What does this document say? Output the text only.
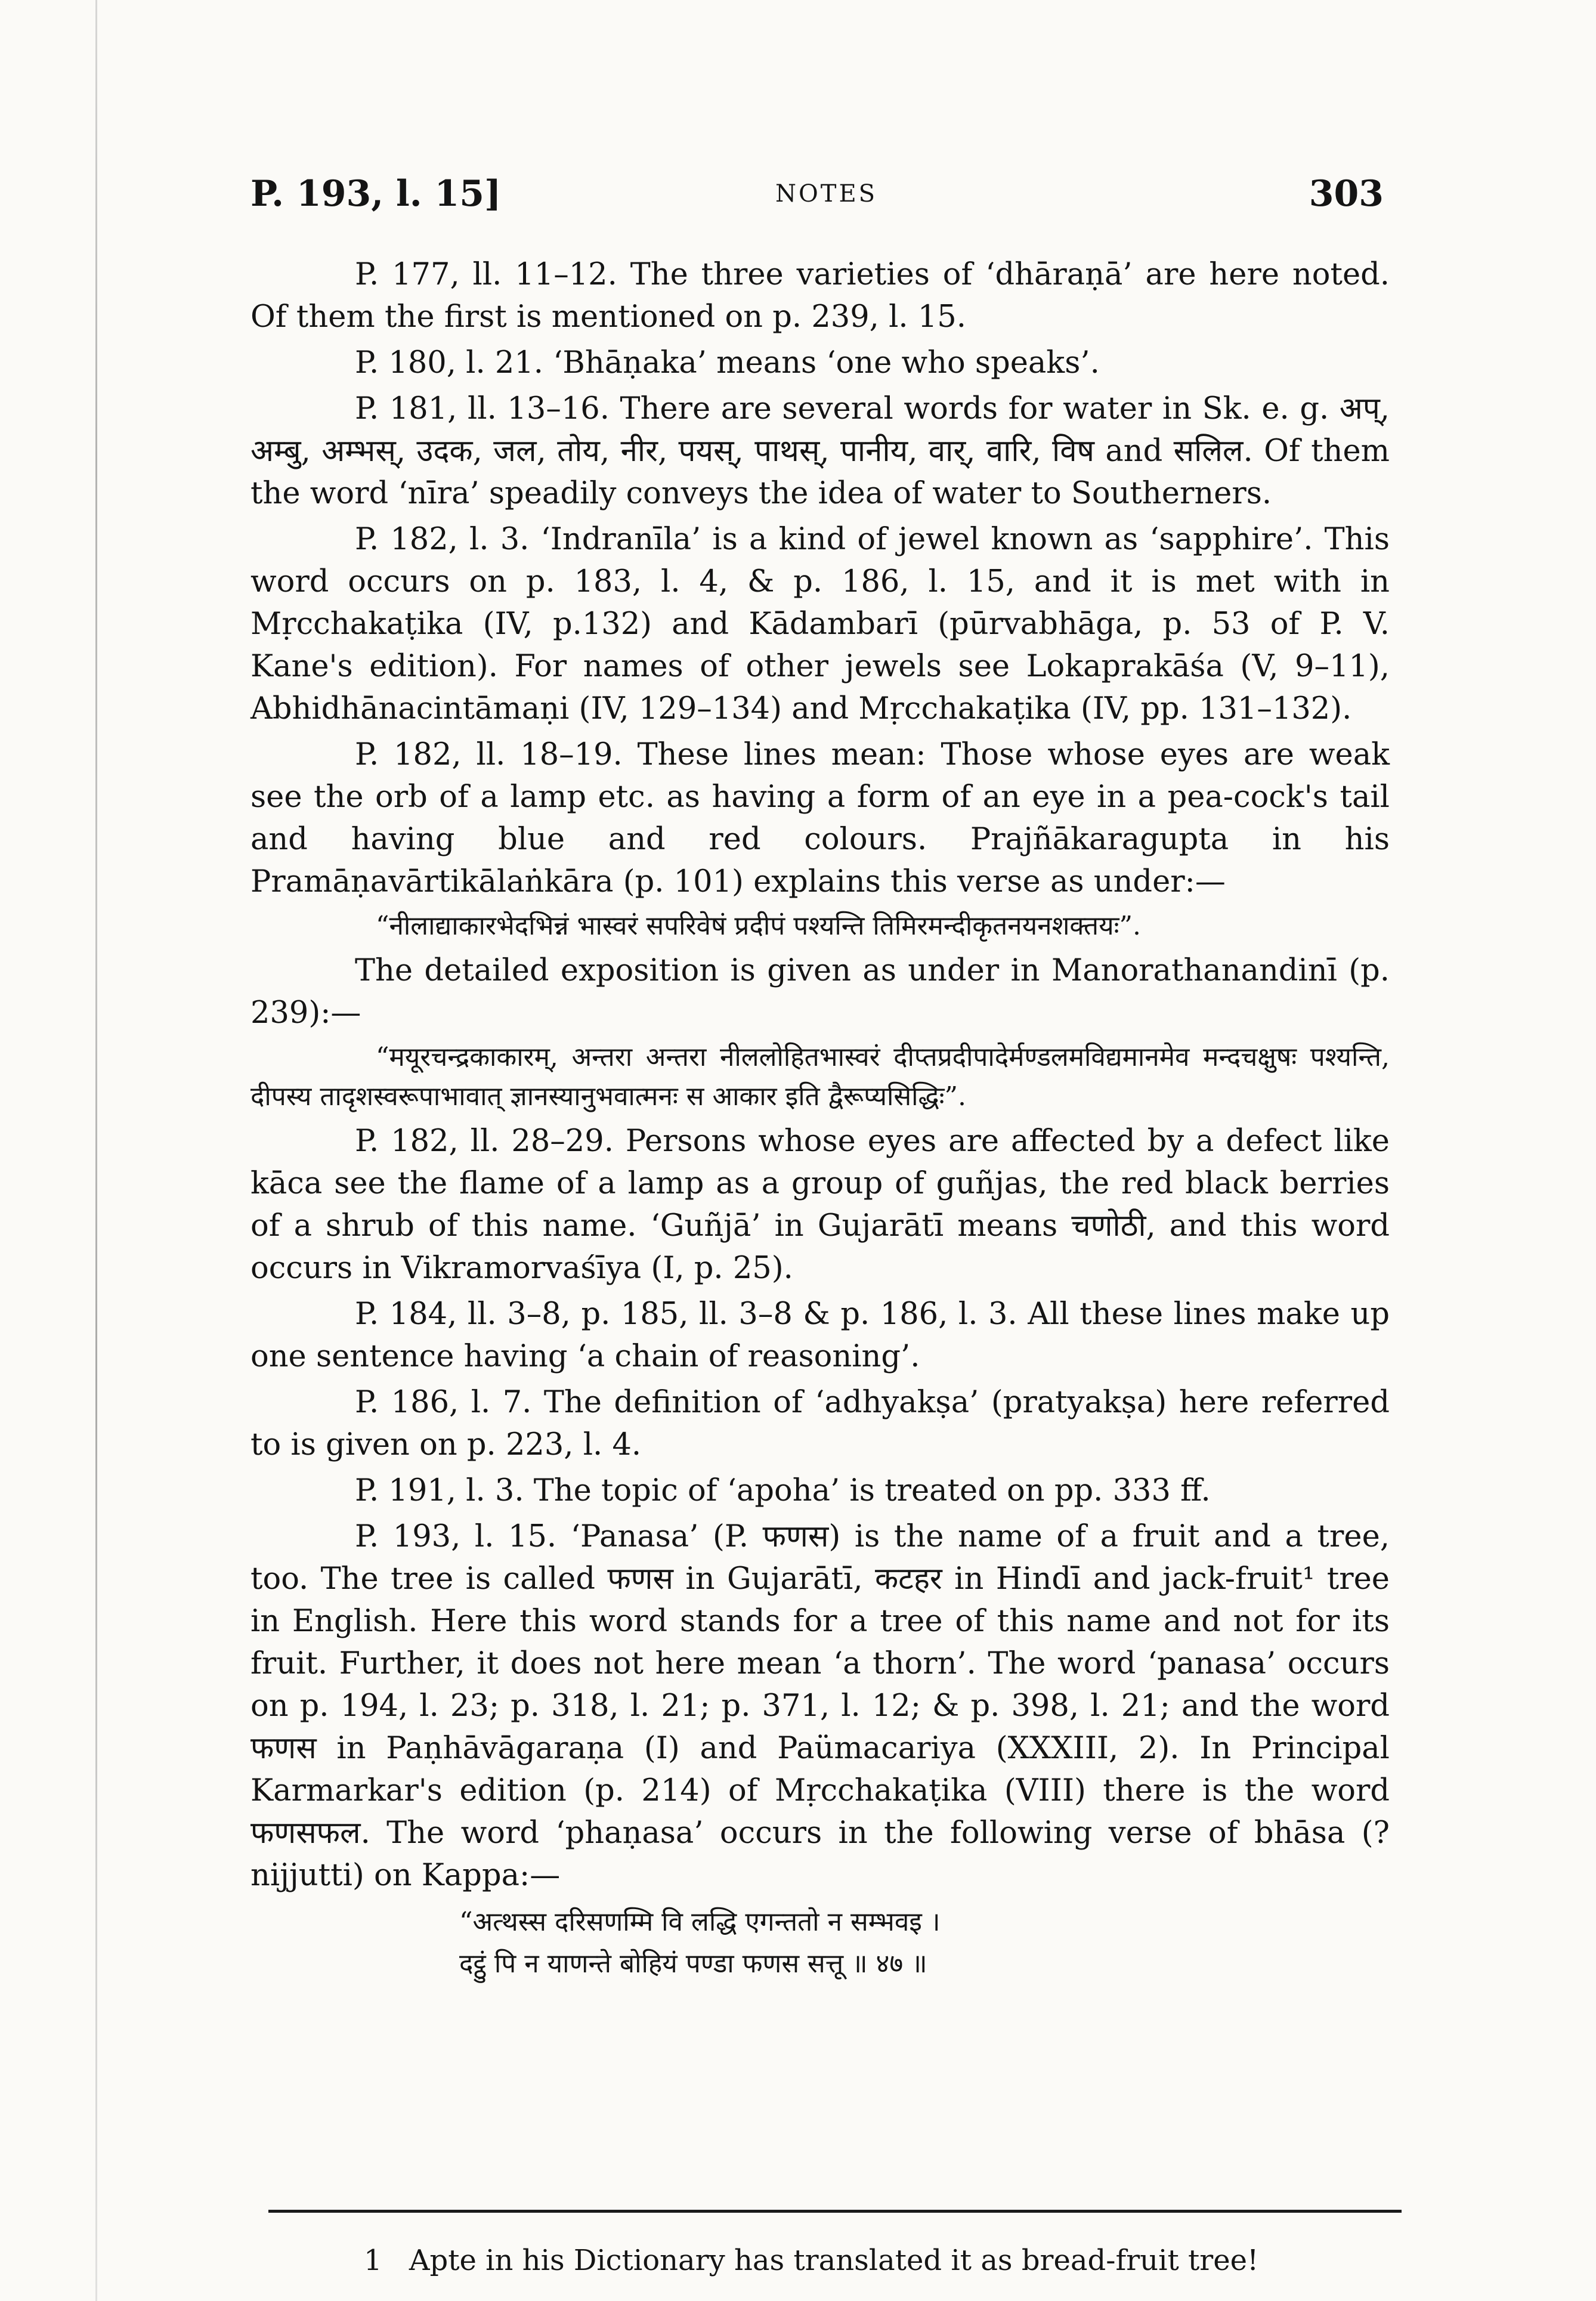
P. 193, l. 15]	NOTES	303

P. 177, ll. 11–12. The three varieties of ‘dhāraṇā’ are here noted. Of them the first is mentioned on p. 239, l. 15.

P. 180, l. 21. ‘Bhāṇaka’ means ‘one who speaks’.

P. 181, ll. 13–16. There are several words for water in Sk. e. g. अप्, अम्बु, अम्भस्, उदक, जल, तोय, नीर, पयस्, पाथस्, पानीय, वार्, वारि, विष and सलिल. Of them the word ‘nīra’ speadily conveys the idea of water to Southerners.

P. 182, l. 3. ‘Indranīla’ is a kind of jewel known as ‘sapphire’. This word occurs on p. 183, l. 4, & p. 186, l. 15, and it is met with in Mṛcchakaṭika (IV, p.132) and Kādambarī (pūrvabhāga, p. 53 of P. V. Kane's edition). For names of other jewels see Lokaprakāśa (V, 9–11), Abhidhānacintāmaṇi (IV, 129–134) and Mṛcchakaṭika (IV, pp. 131–132).

P. 182, ll. 18–19. These lines mean: Those whose eyes are weak see the orb of a lamp etc. as having a form of an eye in a pea-cock's tail and having blue and red colours. Prajñākaragupta in his Pramāṇavārtikālaṅkāra (p. 101) explains this verse as under:—

“नीलाद्याकारभेदभिन्नं भास्वरं सपरिवेषं प्रदीपं पश्यन्ति तिमिरमन्दीकृतनयनशक्तयः”.

The detailed exposition is given as under in Manorathanandinī (p. 239):—

“मयूरचन्द्रकाकारम्, अन्तरा अन्तरा नीललोहितभास्वरं दीप्तप्रदीपादेर्मण्डलमविद्यमानमेव मन्दचक्षुषः पश्यन्ति, दीपस्य तादृशस्वरूपाभावात् ज्ञानस्यानुभवात्मनः स आकार इति द्वैरूप्यसिद्धिः”.

P. 182, ll. 28–29. Persons whose eyes are affected by a defect like kāca see the flame of a lamp as a group of guñjas, the red black berries of a shrub of this name. ‘Guñjā’ in Gujarātī means चणोठी, and this word occurs in Vikramorvaśīya (I, p. 25).

P. 184, ll. 3–8, p. 185, ll. 3–8 & p. 186, l. 3. All these lines make up one sentence having ‘a chain of reasoning’.

P. 186, l. 7. The definition of ‘adhyakṣa’ (pratyakṣa) here referred to is given on p. 223, l. 4.

P. 191, l. 3. The topic of ‘apoha’ is treated on pp. 333 ff.

P. 193, l. 15. ‘Panasa’ (P. फणस) is the name of a fruit and a tree, too. The tree is called फणस in Gujarātī, कटहर in Hindī and jack-fruit¹ tree in English. Here this word stands for a tree of this name and not for its fruit. Further, it does not here mean ‘a thorn’. The word ‘panasa’ occurs on p. 194, l. 23; p. 318, l. 21; p. 371, l. 12; & p. 398, l. 21; and the word फणस in Paṇhāvāgaraṇa (I) and Paümacariya (XXXIII, 2). In Principal Karmarkar's edition (p. 214) of Mṛcchakaṭika (VIII) there is the word फणसफल. The word ‘phaṇasa’ occurs in the following verse of bhāsa (? nijjutti) on Kappa:—

“अत्थस्स दरिसणम्मि वि लद्धि एगन्ततो न सम्भवइ ।
दट्ठुं पि न याणन्ते बोहियं पण्डा फणस सत्तू ॥ ४७ ॥
1 Apte in his Dictionary has translated it as bread-fruit tree!
